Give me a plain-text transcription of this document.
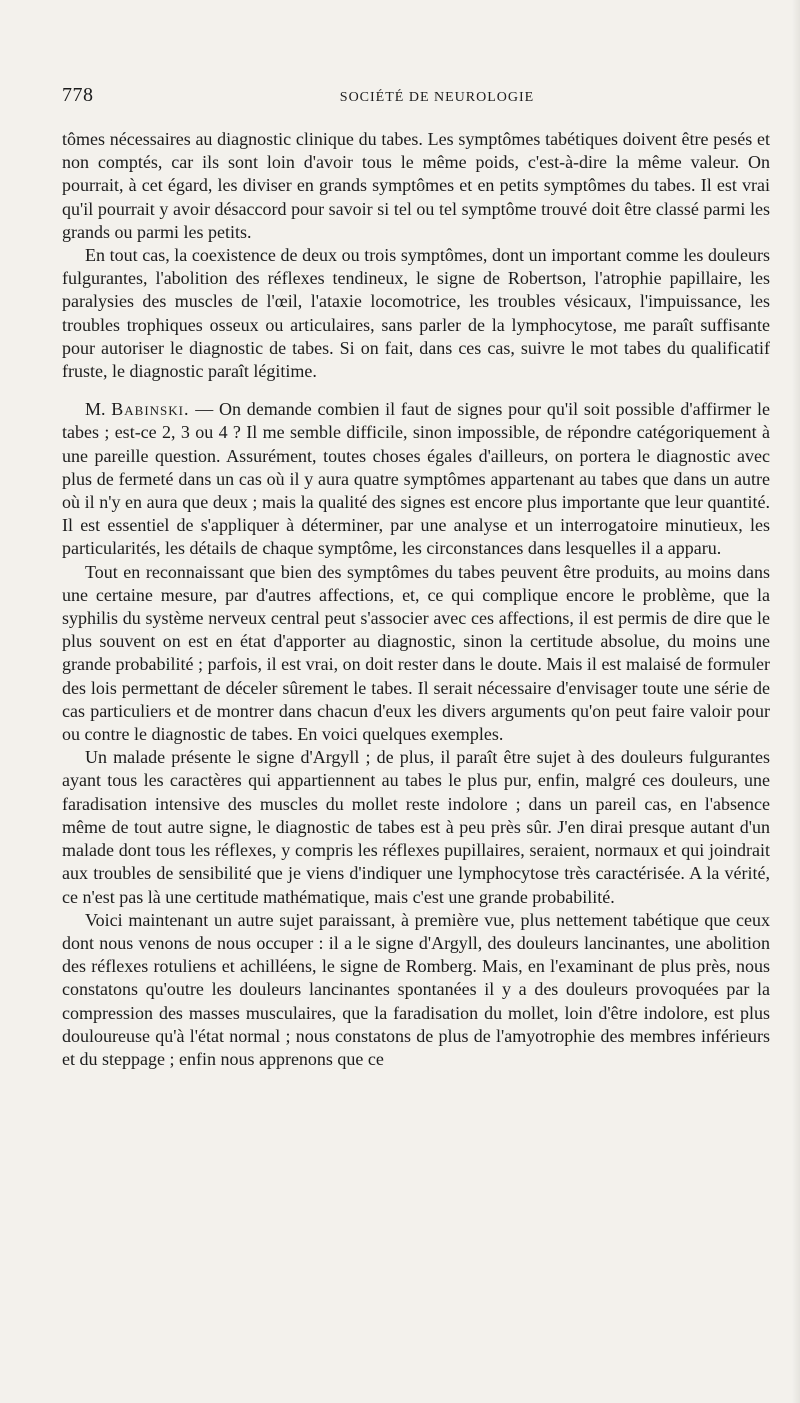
778	SOCIÉTÉ DE NEUROLOGIE

tômes nécessaires au diagnostic clinique du tabes. Les symptômes tabétiques doivent être pesés et non comptés, car ils sont loin d'avoir tous le même poids, c'est-à-dire la même valeur. On pourrait, à cet égard, les diviser en grands symptômes et en petits symptômes du tabes. Il est vrai qu'il pourrait y avoir désaccord pour savoir si tel ou tel symptôme trouvé doit être classé parmi les grands ou parmi les petits.

En tout cas, la coexistence de deux ou trois symptômes, dont un important comme les douleurs fulgurantes, l'abolition des réflexes tendineux, le signe de Robertson, l'atrophie papillaire, les paralysies des muscles de l'œil, l'ataxie locomotrice, les troubles vésicaux, l'impuissance, les troubles trophiques osseux ou articulaires, sans parler de la lymphocytose, me paraît suffisante pour autoriser le diagnostic de tabes. Si on fait, dans ces cas, suivre le mot tabes du qualificatif fruste, le diagnostic paraît légitime.

M. Babinski. — On demande combien il faut de signes pour qu'il soit possible d'affirmer le tabes ; est-ce 2, 3 ou 4 ? Il me semble difficile, sinon impossible, de répondre catégoriquement à une pareille question. Assurément, toutes choses égales d'ailleurs, on portera le diagnostic avec plus de fermeté dans un cas où il y aura quatre symptômes appartenant au tabes que dans un autre où il n'y en aura que deux ; mais la qualité des signes est encore plus importante que leur quantité. Il est essentiel de s'appliquer à déterminer, par une analyse et un interrogatoire minutieux, les particularités, les détails de chaque symptôme, les circonstances dans lesquelles il a apparu.

Tout en reconnaissant que bien des symptômes du tabes peuvent être produits, au moins dans une certaine mesure, par d'autres affections, et, ce qui complique encore le problème, que la syphilis du système nerveux central peut s'associer avec ces affections, il est permis de dire que le plus souvent on est en état d'apporter au diagnostic, sinon la certitude absolue, du moins une grande probabilité ; parfois, il est vrai, on doit rester dans le doute. Mais il est malaisé de formuler des lois permettant de déceler sûrement le tabes. Il serait nécessaire d'envisager toute une série de cas particuliers et de montrer dans chacun d'eux les divers arguments qu'on peut faire valoir pour ou contre le diagnostic de tabes. En voici quelques exemples.

Un malade présente le signe d'Argyll ; de plus, il paraît être sujet à des douleurs fulgurantes ayant tous les caractères qui appartiennent au tabes le plus pur, enfin, malgré ces douleurs, une faradisation intensive des muscles du mollet reste indolore ; dans un pareil cas, en l'absence même de tout autre signe, le diagnostic de tabes est à peu près sûr. J'en dirai presque autant d'un malade dont tous les réflexes, y compris les réflexes pupillaires, seraient, normaux et qui joindrait aux troubles de sensibilité que je viens d'indiquer une lymphocytose très caractérisée. A la vérité, ce n'est pas là une certitude mathématique, mais c'est une grande probabilité.

Voici maintenant un autre sujet paraissant, à première vue, plus nettement tabétique que ceux dont nous venons de nous occuper : il a le signe d'Argyll, des douleurs lancinantes, une abolition des réflexes rotuliens et achilléens, le signe de Romberg. Mais, en l'examinant de plus près, nous constatons qu'outre les douleurs lancinantes spontanées il y a des douleurs provoquées par la compression des masses musculaires, que la faradisation du mollet, loin d'être indolore, est plus douloureuse qu'à l'état normal ; nous constatons de plus de l'amyotrophie des membres inférieurs et du steppage ; enfin nous apprenons que ce
